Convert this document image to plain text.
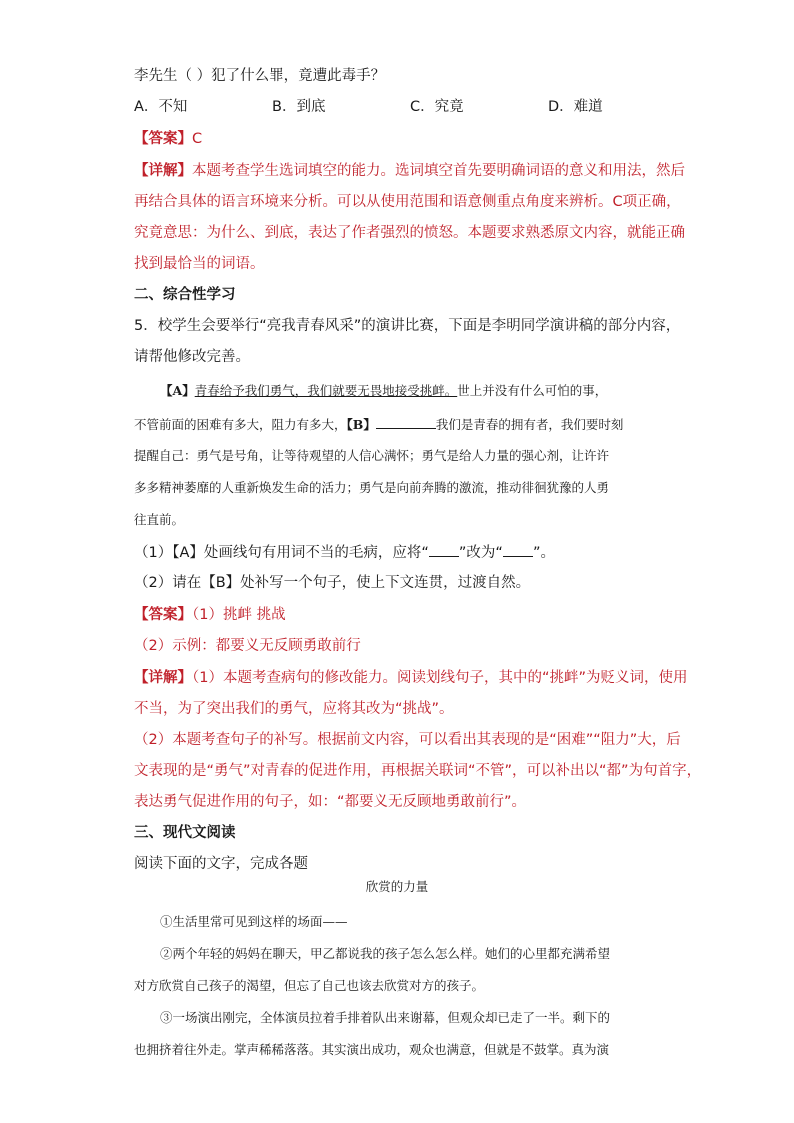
李先生（ ）犯了什么罪，竟遭此毒手？
A．不知	B．到底	C．究竟	D．难道
【答案】C
【详解】本题考查学生选词填空的能力。选词填空首先要明确词语的意义和用法，然后
再结合具体的语言环境来分析。可以从使用范围和语意侧重点角度来辨析。C项正确，
究竟意思：为什么、到底，表达了作者强烈的愤怒。本题要求熟悉原文内容，就能正确
找到最恰当的词语。
二、综合性学习
5．校学生会要举行“亮我青春风采”的演讲比赛，下面是李明同学演讲稿的部分内容，
请帮他修改完善。
【A】青春给予我们勇气，我们就要无畏地接受挑衅。世上并没有什么可怕的事，
不管前面的困难有多大，阻力有多大，【B】	我们是青春的拥有者，我们要时刻
提醒自己：勇气是号角，让等待观望的人信心满怀；勇气是给人力量的强心剂，让许许
多多精神萎靡的人重新焕发生命的活力；勇气是向前奔腾的激流，推动徘徊犹豫的人勇
往直前。
（1）【A】处画线句有用词不当的毛病，应将“ ”改为“ ”。
（2）请在【B】处补写一个句子，使上下文连贯，过渡自然。
【答案】（1）挑衅 挑战
（2）示例：都要义无反顾勇敢前行
【详解】（1）本题考查病句的修改能力。阅读划线句子，其中的“挑衅”为贬义词，使用
不当，为了突出我们的勇气，应将其改为“挑战”。
（2）本题考查句子的补写。根据前文内容，可以看出其表现的是“困难”“阻力”大，后
文表现的是“勇气”对青春的促进作用，再根据关联词“不管”，可以补出以“都”为句首字，
表达勇气促进作用的句子，如：“都要义无反顾地勇敢前行”。
三、现代文阅读
阅读下面的文字，完成各题
欣赏的力量
①生活里常可见到这样的场面——
②两个年轻的妈妈在聊天，甲乙都说我的孩子怎么怎么样。她们的心里都充满希望
对方欣赏自己孩子的渴望，但忘了自己也该去欣赏对方的孩子。
③一场演出刚完，全体演员拉着手排着队出来谢幕，但观众却已走了一半。剩下的
也拥挤着往外走。掌声稀稀落落。其实演出成功，观众也满意，但就是不鼓掌。真为演
